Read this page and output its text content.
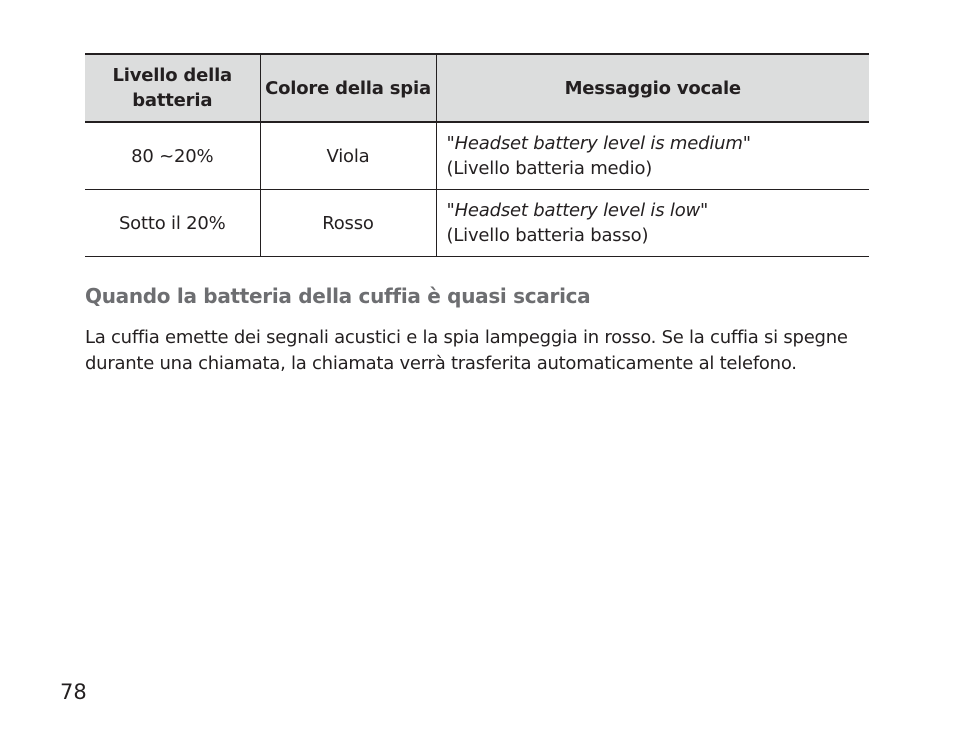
Livello della batteria	Colore della spia	Messaggio vocale
80 ~20%	Viola	"Headset battery level is medium"
(Livello batteria medio)

Sotto il 20%	Rosso	"Headset battery level is low"
(Livello batteria basso)
Quando la batteria della cuffia è quasi scarica

La cuffia emette dei segnali acustici e la spia lampeggia in rosso. Se la cuffia si spegne durante una chiamata, la chiamata verrà trasferita automaticamente al telefono.

78
